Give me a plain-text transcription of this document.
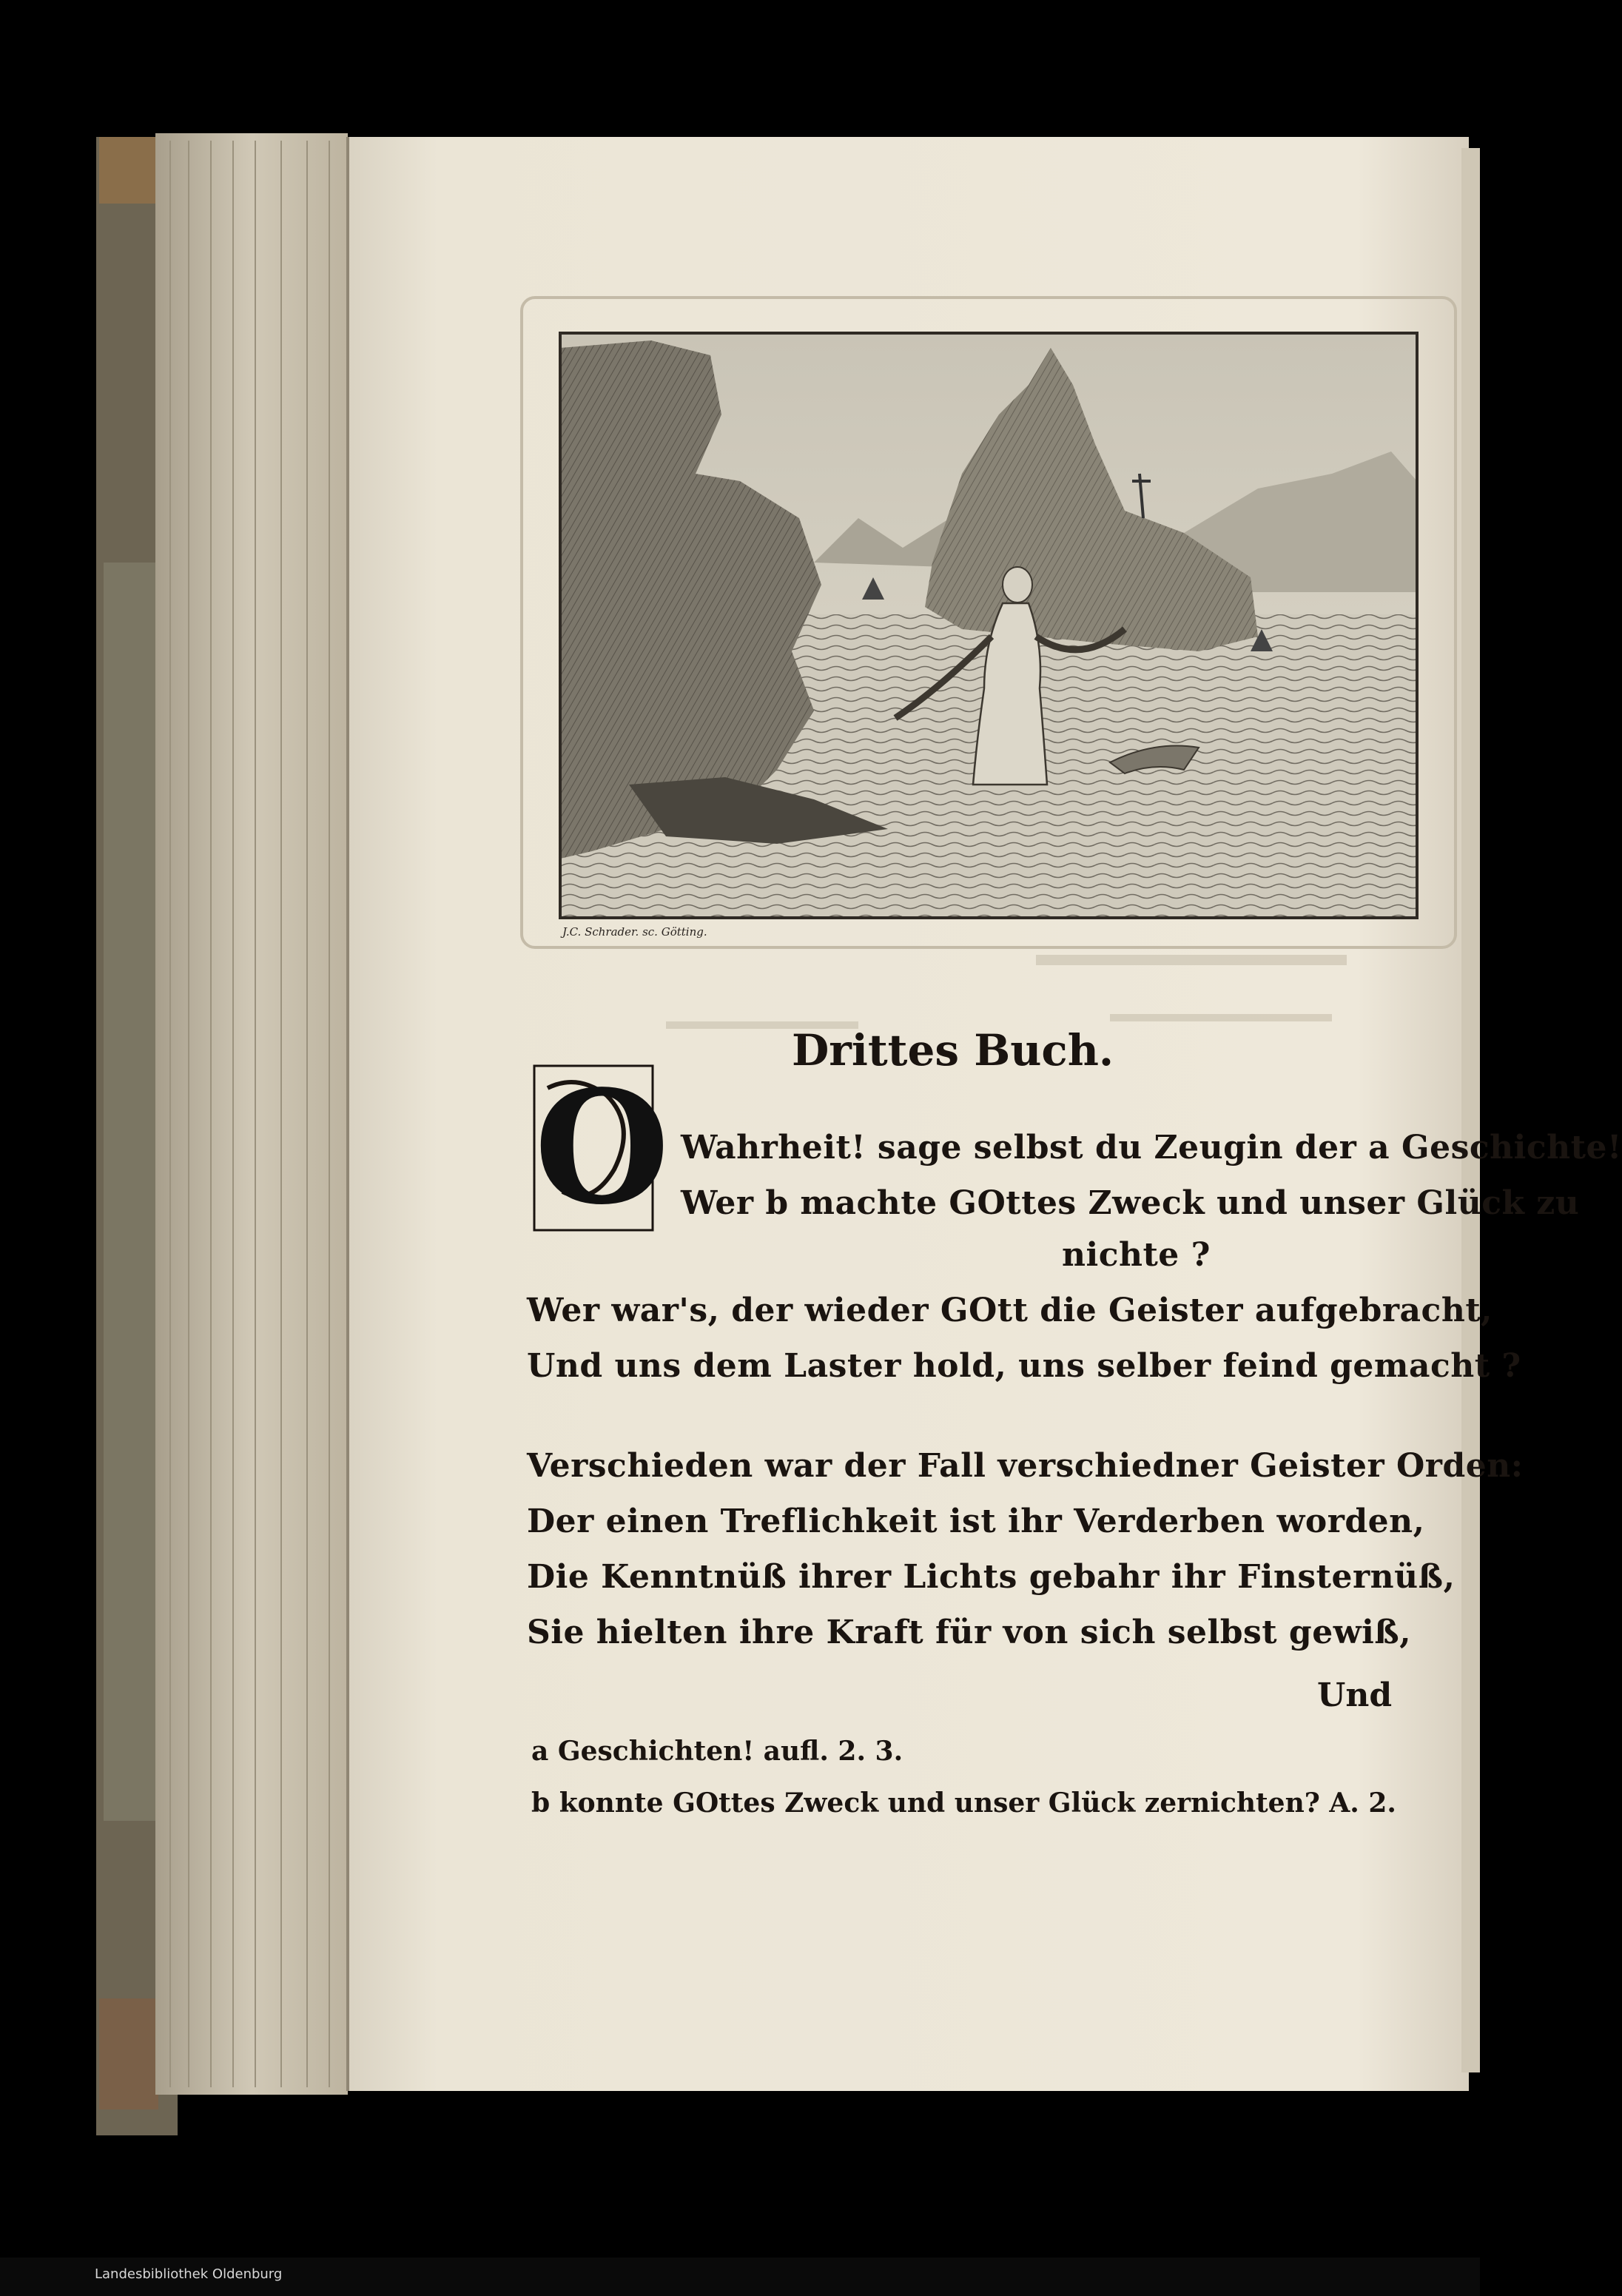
J.C. Schrader. sc. Götting.
Drittes Buch.
O Wahrheit! sage selbst du Zeugin der a Geschichte!
Wer b machte GOttes Zweck und unser Glück zu
nichte ?
Wer war's, der wieder GOtt die Geister aufgebracht,
Und uns dem Laster hold, uns selber feind gemacht ?
Verschieden war der Fall verschiedner Geister Orden:
Der einen Treflichkeit ist ihr Verderben worden,
Die Kenntnüß ihrer Lichts gebahr ihr Finsternüß,
Sie hielten ihre Kraft für von sich selbst gewiß,
Und
a Geschichten! aufl. 2. 3.
b konnte GOttes Zweck und unser Glück zernichten? A. 2.
Landesbibliothek Oldenburg
